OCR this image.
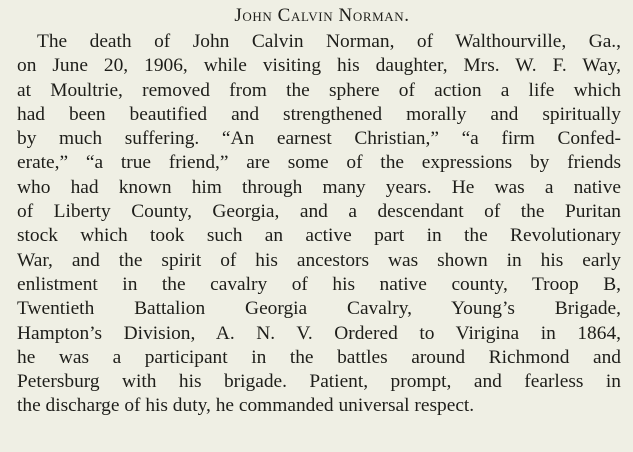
John Calvin Norman.
The death of John Calvin Norman, of Walthourville, Ga.,
on June 20, 1906, while visiting his daughter, Mrs. W. F. Way,
at Moultrie, removed from the sphere of action a life which
had been beautified and strengthened morally and spiritually
by much suffering. “An earnest Christian,” “a firm Confed-
erate,” “a true friend,” are some of the expressions by friends
who had known him through many years. He was a native
of Liberty County, Georgia, and a descendant of the Puritan
stock which took such an active part in the Revolutionary
War, and the spirit of his ancestors was shown in his early
enlistment in the cavalry of his native county, Troop B,
Twentieth Battalion Georgia Cavalry, Young’s Brigade,
Hampton’s Division, A. N. V. Ordered to Virigina in 1864,
he was a participant in the battles around Richmond and
Petersburg with his brigade. Patient, prompt, and fearless in
the discharge of his duty, he commanded universal respect.
